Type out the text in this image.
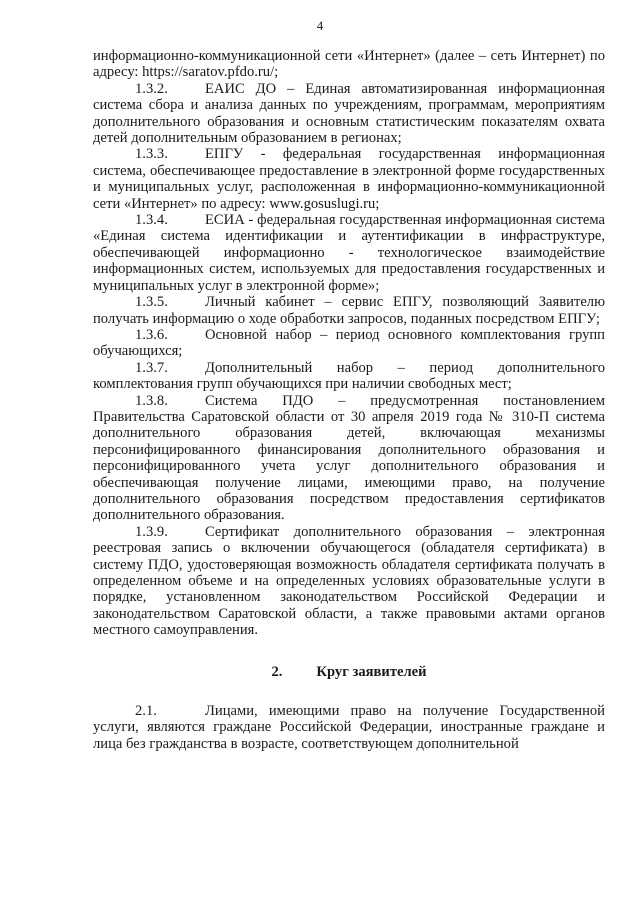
4

информационно-коммуникационной сети «Интернет» (далее – сеть Интернет) по адресу: https://saratov.pfdo.ru/;

1.3.2.	ЕАИС ДО – Единая автоматизированная информационная система сбора и анализа данных по учреждениям, программам, мероприятиям дополнительного образования и основным статистическим показателям охвата детей дополнительным образованием в регионах;

1.3.3.	ЕПГУ - федеральная государственная информационная система, обеспечивающее предоставление в электронной форме государственных и муниципальных услуг, расположенная в информационно-коммуникационной сети «Интернет» по адресу: www.gosuslugi.ru;

1.3.4.	ЕСИА - федеральная государственная информационная система «Единая система идентификации и аутентификации в инфраструктуре, обеспечивающей информационно - технологическое взаимодействие информационных систем, используемых для предоставления государственных и муниципальных услуг в электронной форме»;

1.3.5.	Личный кабинет – сервис ЕПГУ, позволяющий Заявителю получать информацию о ходе обработки запросов, поданных посредством ЕПГУ;

1.3.6.	Основной набор – период основного комплектования групп обучающихся;

1.3.7.	Дополнительный набор – период дополнительного комплектования групп обучающихся при наличии свободных мест;

1.3.8.	Система ПДО – предусмотренная постановлением Правительства Саратовской области от 30 апреля 2019 года № 310-П система дополнительного образования детей, включающая механизмы персонифицированного финансирования дополнительного образования и персонифицированного учета услуг дополнительного образования и обеспечивающая получение лицами, имеющими право, на получение дополнительного образования посредством предоставления сертификатов дополнительного образования.

1.3.9.	Сертификат дополнительного образования – электронная реестровая запись о включении обучающегося (обладателя сертификата) в систему ПДО, удостоверяющая возможность обладателя сертификата получать в определенном объеме и на определенных условиях образовательные услуги в порядке, установленном законодательством Российской Федерации и законодательством Саратовской области, а также правовыми актами органов местного самоуправления.

2. Круг заявителей

2.1.	Лицами, имеющими право на получение Государственной услуги, являются граждане Российской Федерации, иностранные граждане и лица без гражданства в возрасте, соответствующем дополнительной
